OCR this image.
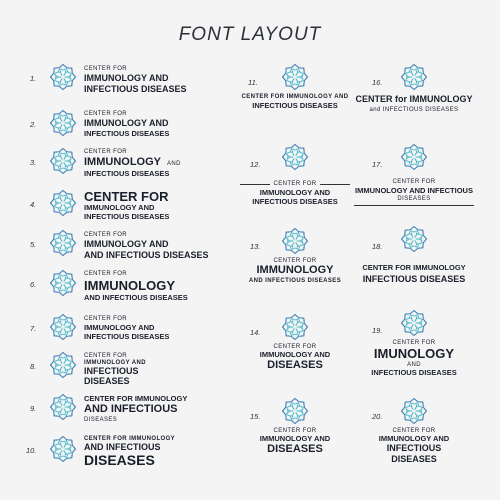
FONT LAYOUT
1.
CENTER FOR
IMMUNOLOGY AND
INFECTIOUS DISEASES
2.
CENTER FOR
IMMUNOLOGY AND
INFECTIOUS DISEASES
3.
CENTER FOR
IMMUNOLOGY AND
INFECTIOUS DISEASES
4.
CENTER FOR
IMMUNOLOGY AND
INFECTIOUS DISEASES
5.
CENTER FOR
IMMUNOLOGY AND
AND INFECTIOUS DISEASES
6.
CENTER FOR
IMMUNOLOGY
AND INFECTIOUS DISEASES
7.
CENTER FOR
IMMUNOLOGY AND
INFECTIOUS DISEASES
8.
CENTER FOR
IMMUNOLOGY AND
INFECTIOUS
DISEASES
9.
CENTER FOR IMMUNOLOGY
AND INFECTIOUS
DISEASES
10.
CENTER FOR IMMUNOLOGY
AND INFECTIOUS
DISEASES
11.
CENTER FOR IMMUNOLOGY AND
INFECTIOUS DISEASES
12.
CENTER FOR
IMMUNOLOGY AND
INFECTIOUS DISEASES
13.
CENTER FOR
IMMUNOLOGY
AND INFECTIOUS DISEASES
14.
CENTER FOR
IMMUNOLOGY AND
DISEASES
15.
CENTER FOR
IMMUNOLOGY AND
DISEASES
16.
CENTER for IMMUNOLOGY
and INFECTIOUS DISEASES
17.
CENTER FOR
IMMUNOLOGY AND INFECTIOUS
DISEASES
18.
CENTER FOR IMMUNOLOGY
INFECTIOUS DISEASES
19.
CENTER FOR
IMUNOLOGY
AND
INFECTIOUS DISEASES
20.
CENTER FOR
IMMUNOLOGY AND
INFECTIOUS
DISEASES
